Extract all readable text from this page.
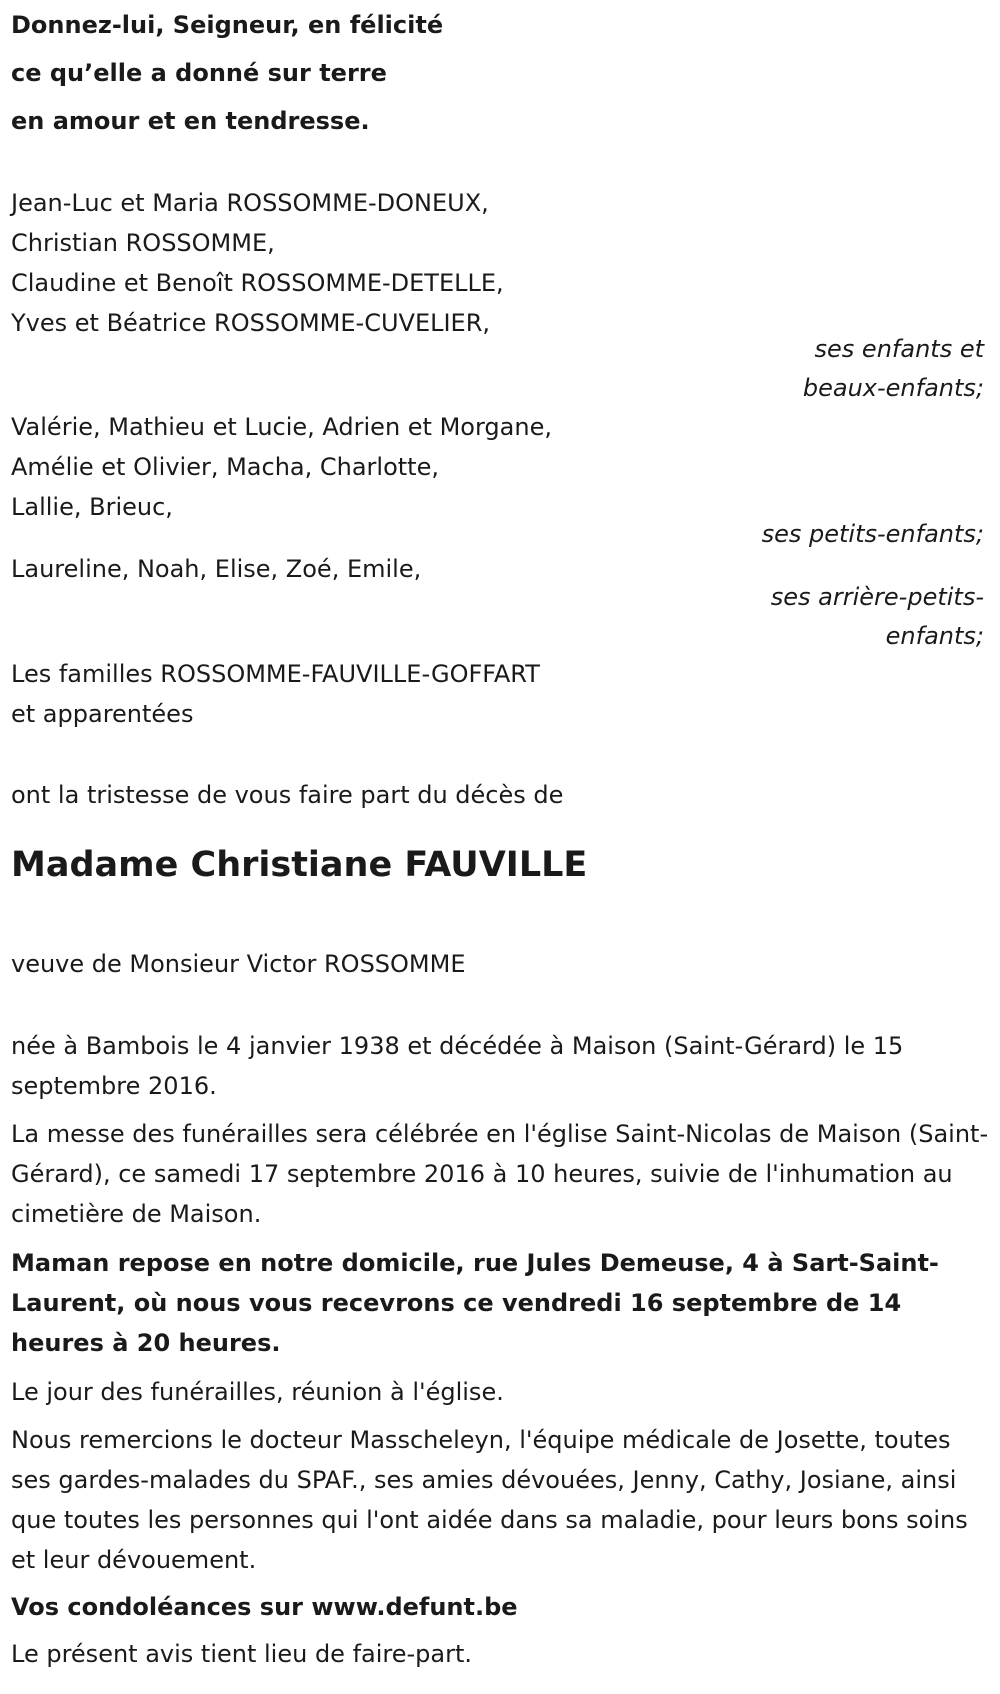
Donnez-lui, Seigneur, en félicité

ce qu’elle a donné sur terre

en amour et en tendresse.

Jean-Luc et Maria ROSSOMME-DONEUX,

Christian ROSSOMME,

Claudine et Benoît ROSSOMME-DETELLE,

Yves et Béatrice ROSSOMME-CUVELIER,

ses enfants et
beaux-enfants;

Valérie, Mathieu et Lucie, Adrien et Morgane,

Amélie et Olivier, Macha, Charlotte,

Lallie, Brieuc,

ses petits-enfants;

Laureline, Noah, Elise, Zoé, Emile,

ses arrière-petits-
enfants;

Les familles ROSSOMME-FAUVILLE-GOFFART

et apparentées

ont la tristesse de vous faire part du décès de

Madame Christiane FAUVILLE

veuve de Monsieur Victor ROSSOMME

née à Bambois le 4 janvier 1938 et décédée à Maison (Saint-Gérard) le 15 septembre 2016.

La messe des funérailles sera célébrée en l'église Saint-Nicolas de Maison (Saint-Gérard), ce samedi 17 septembre 2016 à 10 heures, suivie de l'inhumation au cimetière de Maison.

Maman repose en notre domicile, rue Jules Demeuse, 4 à Sart-Saint-Laurent, où nous vous recevrons ce vendredi 16 septembre de 14 heures à 20 heures.

Le jour des funérailles, réunion à l'église.

Nous remercions le docteur Masscheleyn, l'équipe médicale de Josette, toutes ses gardes-malades du SPAF., ses amies dévouées, Jenny, Cathy, Josiane, ainsi que toutes les personnes qui l'ont aidée dans sa maladie, pour leurs bons soins et leur dévouement.

Vos condoléances sur www.defunt.be

Le présent avis tient lieu de faire-part.
